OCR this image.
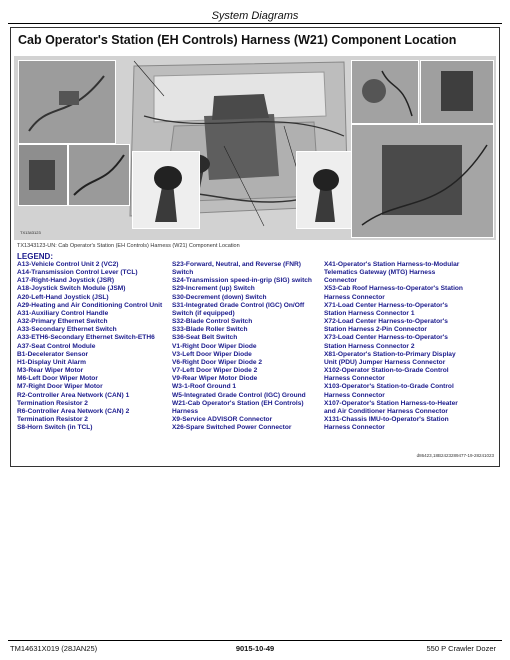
System Diagrams
Cab Operator's Station (EH Controls) Harness (W21) Component Location
TX1343123
TX1343123-UN: Cab Operator's Station (EH Controls) Harness (W21) Component Location
LEGEND:
A13-Vehicle Control Unit 2 (VC2)
A14-Transmission Control Lever (TCL)
A17-Right-Hand Joystick (JSR)
A18-Joystick Switch Module (JSM)
A20-Left-Hand Joystick (JSL)
A29-Heating and Air Conditioning Control Unit
A31-Auxiliary Control Handle
A32-Primary Ethernet Switch
A33-Secondary Ethernet Switch
A33-ETH6-Secondary Ethernet Switch-ETH6
A37-Seat Control Module
B1-Decelerator Sensor
H1-Display Unit Alarm
M3-Rear Wiper Motor
M6-Left Door Wiper Motor
M7-Right Door Wiper Motor
R2-Controller Area Network (CAN) 1
Termination Resistor 2
R6-Controller Area Network (CAN) 2
Termination Resistor 2
S8-Horn Switch (in TCL)
S23-Forward, Neutral, and Reverse (FNR)
Switch
S24-Transmission speed-in-grip (SIG) switch
S29-Increment (up) Switch
S30-Decrement (down) Switch
S31-Integrated Grade Control (IGC) On/Off
Switch (if equipped)
S32-Blade Control Switch
S33-Blade Roller Switch
S36-Seat Belt Switch
V1-Right Door Wiper Diode
V3-Left Door Wiper Diode
V6-Right Door Wiper Diode 2
V7-Left Door Wiper Diode 2
V9-Rear Wiper Motor Diode
W3-1-Roof Ground 1
W5-Integrated Grade Control (IGC) Ground
W21-Cab Operator's Station (EH Controls)
Harness
X9-Service ADVISOR Connector
X26-Spare Switched Power Connector
X41-Operator's Station Harness-to-Modular
Telematics Gateway (MTG) Harness
Connector
X53-Cab Roof Harness-to-Operator's Station
Harness Connector
X71-Load Center Harness-to-Operator's
Station Harness Connector 1
X72-Load Center Harness-to-Operator's
Station Harness 2-Pin Connector
X73-Load Center Harness-to-Operator's
Station Harness Connector 2
X81-Operator's Station-to-Primary Display
Unit (PDU) Jumper Harness Connector
X102-Operator Station-to-Grade Control
Harness Connector
X103-Operator's Station-to-Grade Control
Harness Connector
X107-Operator's Station Harness-to-Heater
and Air Conditioner Harness Connector
X131-Chassis IMU-to-Operator's Station
Harness Connector
d86423,18B2423289477-19-28241023
TM14631X019 (28JAN25)	9015-10-49	550 P Crawler Dozer
